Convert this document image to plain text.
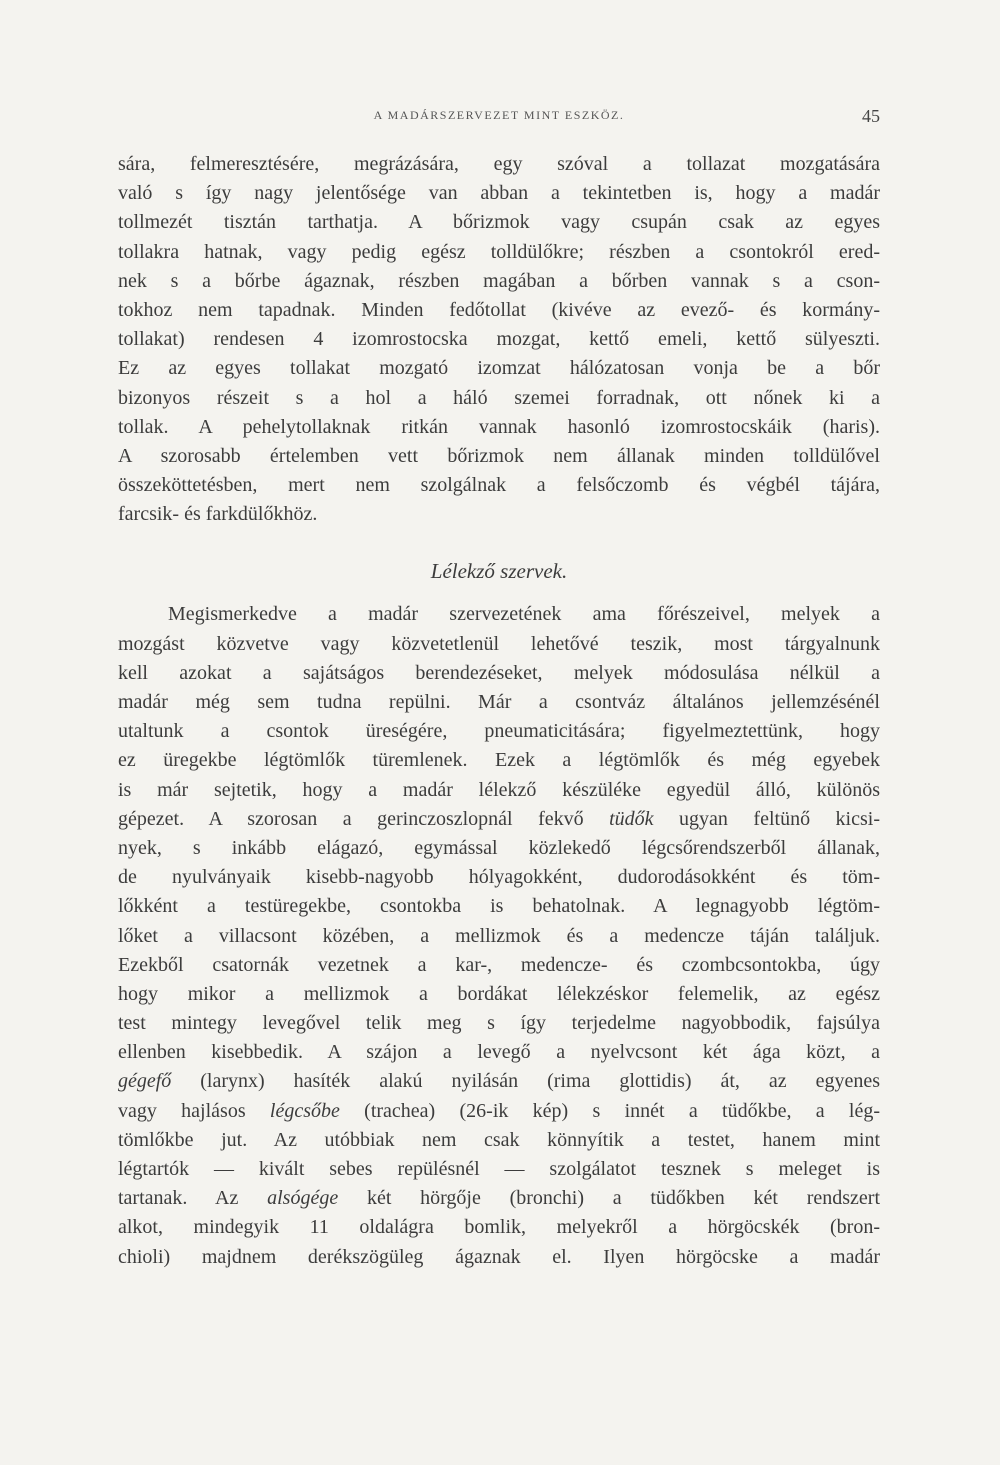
A MADÁRSZERVEZET MINT ESZKÖZ.	45
sára, felmeresztésére, megrázására, egy szóval a tollazat mozgatására
való s így nagy jelentősége van abban a tekintetben is, hogy a madár
tollmezét tisztán tarthatja. A bőrizmok vagy csupán csak az egyes
tollakra hatnak, vagy pedig egész tolldülőkre; részben a csontokról ered-
nek s a bőrbe ágaznak, részben magában a bőrben vannak s a cson-
tokhoz nem tapadnak. Minden fedőtollat (kivéve az evező- és kormány-
tollakat) rendesen 4 izomrostocska mozgat, kettő emeli, kettő sülyeszti.
Ez az egyes tollakat mozgató izomzat hálózatosan vonja be a bőr
bizonyos részeit s a hol a háló szemei forradnak, ott nőnek ki a
tollak. A pehelytollaknak ritkán vannak hasonló izomrostocskáik (haris).
A szorosabb értelemben vett bőrizmok nem állanak minden tolldülővel
összeköttetésben, mert nem szolgálnak a felsőczomb és végbél tájára,
farcsik- és farkdülőkhöz.
Lélekző szervek.
Megismerkedve a madár szervezetének ama főrészeivel, melyek a
mozgást közvetve vagy közvetetlenül lehetővé teszik, most tárgyalnunk
kell azokat a sajátságos berendezéseket, melyek módosulása nélkül a
madár még sem tudna repülni. Már a csontváz általános jellemzésénél
utaltunk a csontok üreségére, pneumaticitására; figyelmeztettünk, hogy
ez üregekbe légtömlők türemlenek. Ezek a légtömlők és még egyebek
is már sejtetik, hogy a madár lélekző készüléke egyedül álló, különös
gépezet. A szorosan a gerinczoszlopnál fekvő tüdők ugyan feltünő kicsi-
nyek, s inkább elágazó, egymással közlekedő légcsőrendszerből állanak,
de nyulványaik kisebb-nagyobb hólyagokként, dudorodásokként és töm-
lőkként a testüregekbe, csontokba is behatolnak. A legnagyobb légtöm-
lőket a villacsont közében, a mellizmok és a medencze táján találjuk.
Ezekből csatornák vezetnek a kar-, medencze- és czombcsontokba, úgy
hogy mikor a mellizmok a bordákat lélekzéskor felemelik, az egész
test mintegy levegővel telik meg s így terjedelme nagyobbodik, fajsúlya
ellenben kisebbedik. A szájon a levegő a nyelvcsont két ága közt, a
gégefő (larynx) hasíték alakú nyilásán (rima glottidis) át, az egyenes
vagy hajlásos légcsőbe (trachea) (26-ik kép) s innét a tüdőkbe, a lég-
tömlőkbe jut. Az utóbbiak nem csak könnyítik a testet, hanem mint
légtartók — kivált sebes repülésnél — szolgálatot tesznek s meleget is
tartanak. Az alsógége két hörgője (bronchi) a tüdőkben két rendszert
alkot, mindegyik 11 oldalágra bomlik, melyekről a hörgöcskék (bron-
chioli) majdnem derékszögüleg ágaznak el. Ilyen hörgöcske a madár
